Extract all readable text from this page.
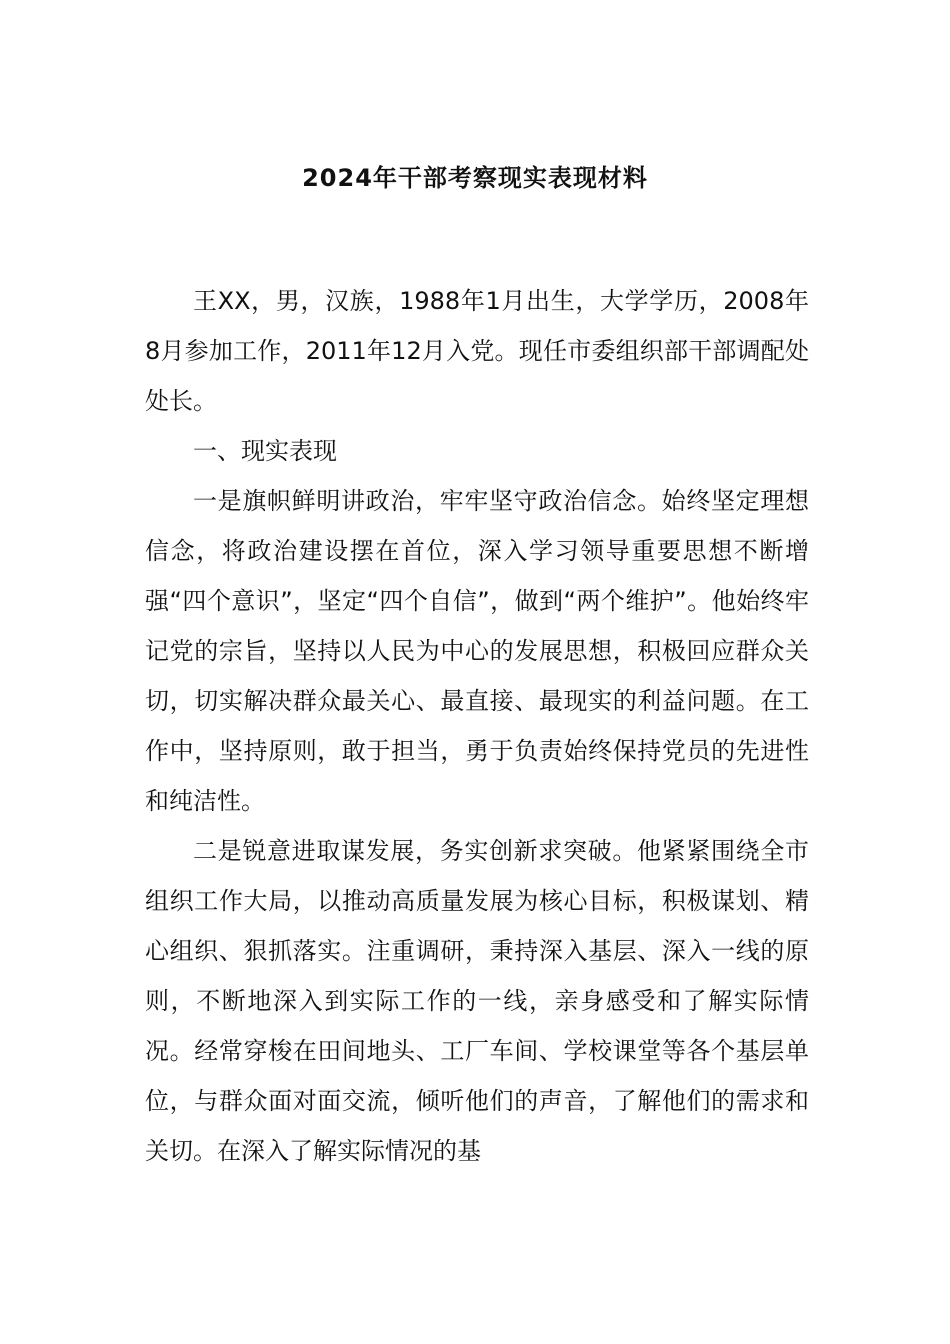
2024年干部考察现实表现材料

王XX，男，汉族，1988年1月出生，大学学历，2008年8月参加工作，2011年12月入党。现任市委组织部干部调配处处长。

一、现实表现

一是旗帜鲜明讲政治，牢牢坚守政治信念。始终坚定理想信念，将政治建设摆在首位，深入学习领导重要思想不断增强“四个意识”，坚定“四个自信”，做到“两个维护”。他始终牢记党的宗旨，坚持以人民为中心的发展思想，积极回应群众关切，切实解决群众最关心、最直接、最现实的利益问题。在工作中，坚持原则，敢于担当，勇于负责始终保持党员的先进性和纯洁性。

二是锐意进取谋发展，务实创新求突破。他紧紧围绕全市组织工作大局，以推动高质量发展为核心目标，积极谋划、精心组织、狠抓落实。注重调研，秉持深入基层、深入一线的原则，不断地深入到实际工作的一线，亲身感受和了解实际情况。经常穿梭在田间地头、工厂车间、学校课堂等各个基层单位，与群众面对面交流，倾听他们的声音，了解他们的需求和关切。在深入了解实际情况的基
